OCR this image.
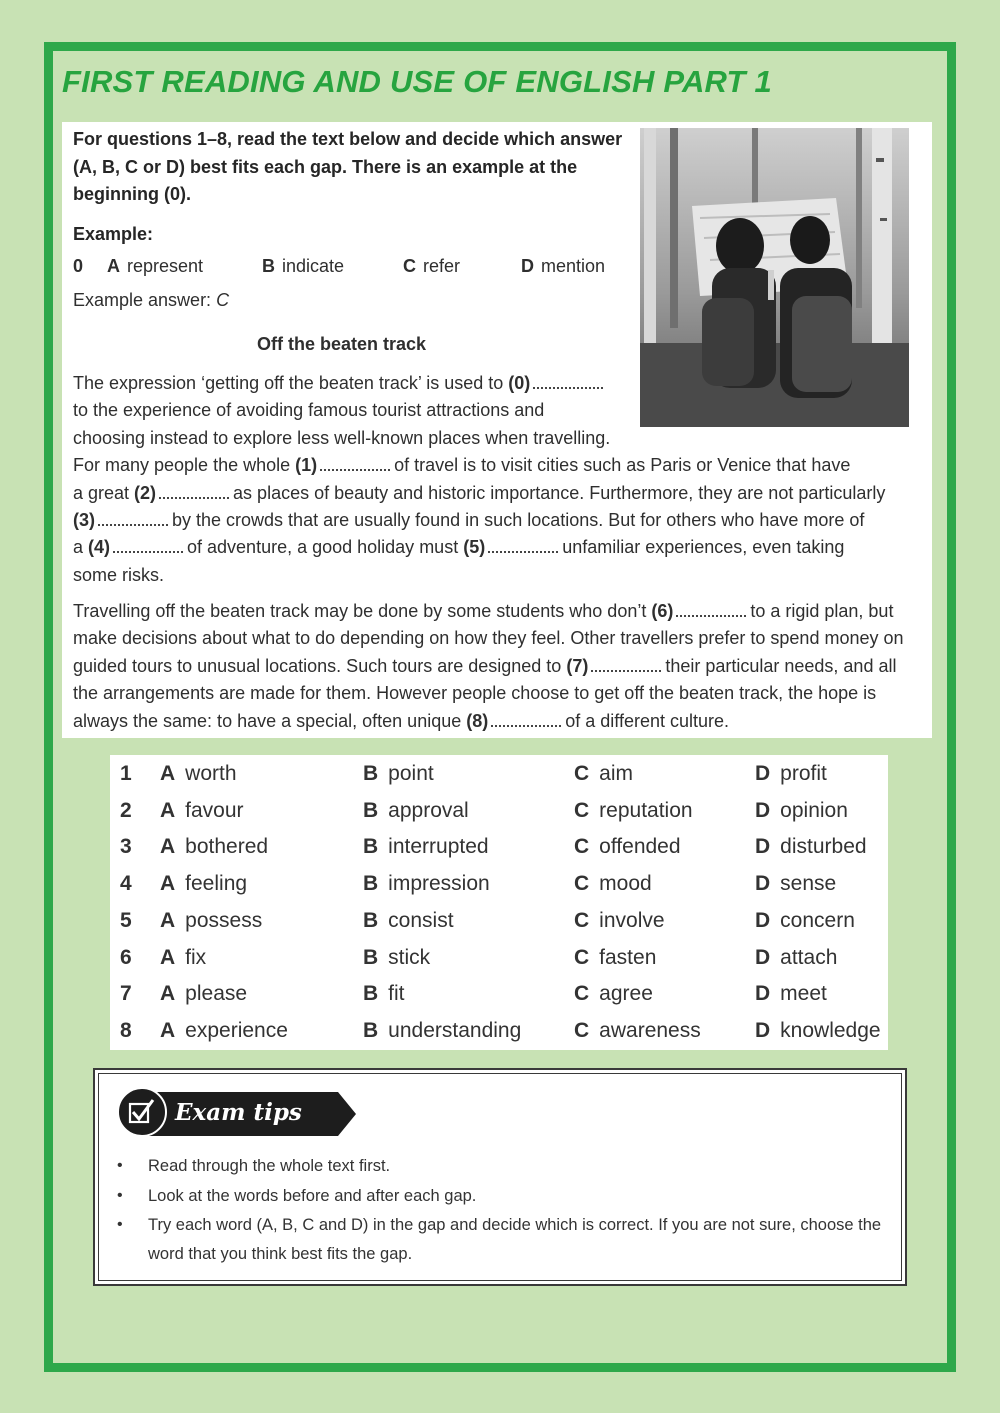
FIRST READING AND USE OF ENGLISH PART 1

For questions 1–8, read the text below and decide which answer (A, B, C or D) best fits each gap. There is an example at the beginning (0).

Example:

0 A represent	B indicate	C refer	D mention

Example answer: C

Off the beaten track

The expression ‘getting off the beaten track’ is used to (0)
to the experience of avoiding famous tourist attractions and
choosing instead to explore less well-known places when travelling.
For many people the whole (1)	of travel is to visit cities such as Paris or Venice that have
a great (2)	as places of beauty and historic importance. Furthermore, they are not particularly
(3)	by the crowds that are usually found in such locations. But for others who have more of
a (4)	of adventure, a good holiday must (5)	unfamiliar experiences, even taking
some risks.
Travelling off the beaten track may be done by some students who don’t (6)	to a rigid plan, but
make decisions about what to do depending on how they feel. Other travellers prefer to spend money on
guided tours to unusual locations. Such tours are designed to (7)	their particular needs, and all
the arrangements are made for them. However people choose to get off the beaten track, the hope is
always the same: to have a special, often unique (8)	of a different culture.
1 A worth	B point	C aim	D profit
2 A favour	B approval	C reputation	D opinion
3 A bothered	B interrupted	C offended	D disturbed
4 A feeling	B impression	C mood	D sense
5 A possess	B consist	C involve	D concern
6 A fix	B stick	C fasten	D attach
7 A please	B fit	C agree	D meet
8 A experience	B understanding	C awareness	D knowledge

Exam tips

• Read through the whole text first.
• Look at the words before and after each gap.
• Try each word (A, B, C and D) in the gap and decide which is correct. If you are not sure, choose the word that you think best fits the gap.
